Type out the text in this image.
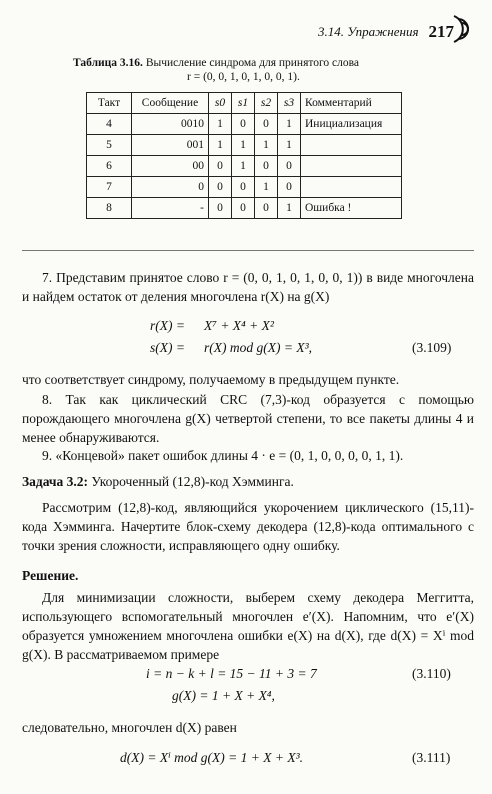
3.14. Упражнения 217
Таблица 3.16. Вычисление синдрома для принятого слова
r = (0, 0, 1, 0, 1, 0, 0, 1).
Такт	Сообщение	s0	s1	s2	s3	Комментарий
4	0010	1	0	0	1	Инициализация
5	001	1	1	1	1	
6	00	0	1	0	0	
7	0	0	0	1	0	
8	-	0	0	0	1	Ошибка !
7. Представим принятое слово r = (0, 0, 1, 0, 1, 0, 0, 1)) в виде многочлена и найдем остаток от деления многочлена r(X) на g(X)
r(X) = X⁷ + X⁴ + X²
s(X) = r(X) mod g(X) = X³,	(3.109)
что соответствует синдрому, получаемому в предыдущем пункте.
8. Так как циклический CRC (7,3)-код образуется с помощью порождающего многочлена g(X) четвертой степени, то все пакеты длины 4 и менее обнаруживаются.
9. «Концевой» пакет ошибок длины 4 · e = (0, 1, 0, 0, 0, 0, 1, 1).
Задача 3.2: Укороченный (12,8)-код Хэмминга.
Рассмотрим (12,8)-код, являющийся укорочением циклического (15,11)-кода Хэмминга. Начертите блок-схему декодера (12,8)-кода оптимального с точки зрения сложности, исправляющего одну ошибку.
Решение.
Для минимизации сложности, выберем схему декодера Меггитта, использующего вспомогательный многочлен e′(X). Напомним, что e′(X) образуется умножением многочлена ошибки e(X) на d(X), где d(X) = Xⁱ mod g(X). В рассматриваемом примере
i = n − k + l = 15 − 11 + 3 = 7	(3.110)
g(X) = 1 + X + X⁴,
следовательно, многочлен d(X) равен
d(X) = Xⁱ mod g(X) = 1 + X + X³.	(3.111)
